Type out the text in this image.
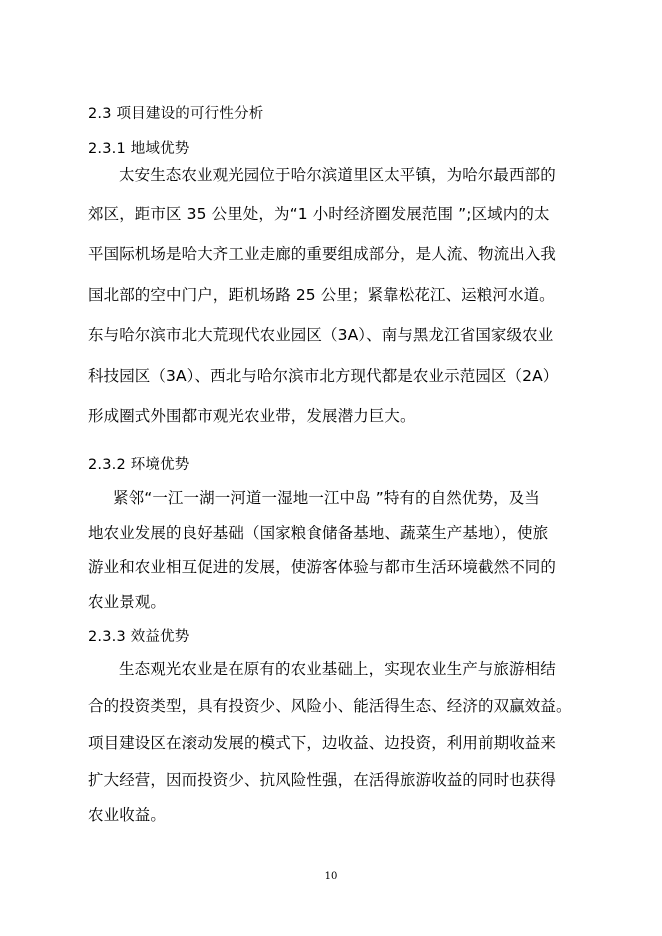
2.3 项目建设的可行性分析
2.3.1 地域优势
太安生态农业观光园位于哈尔滨道里区太平镇，为哈尔最西部的
郊区，距市区 35 公里处，为“1 小时经济圈发展范围 ”;区域内的太
平国际机场是哈大齐工业走廊的重要组成部分，是人流、物流出入我
国北部的空中门户，距机场路 25 公里；紧靠松花江、运粮河水道。
东与哈尔滨市北大荒现代农业园区（3A）、南与黑龙江省国家级农业
科技园区（3A）、西北与哈尔滨市北方现代都是农业示范园区（2A）
形成圈式外围都市观光农业带，发展潜力巨大。
2.3.2 环境优势
紧邻“一江一湖一河道一湿地一江中岛 ”特有的自然优势，及当
地农业发展的良好基础（国家粮食储备基地、蔬菜生产基地），使旅
游业和农业相互促进的发展，使游客体验与都市生活环境截然不同的
农业景观。
2.3.3 效益优势
生态观光农业是在原有的农业基础上，实现农业生产与旅游相结
合的投资类型，具有投资少、风险小、能活得生态、经济的双赢效益。
项目建设区在滚动发展的模式下，边收益、边投资，利用前期收益来
扩大经营，因而投资少、抗风险性强，在活得旅游收益的同时也获得
农业收益。
10
